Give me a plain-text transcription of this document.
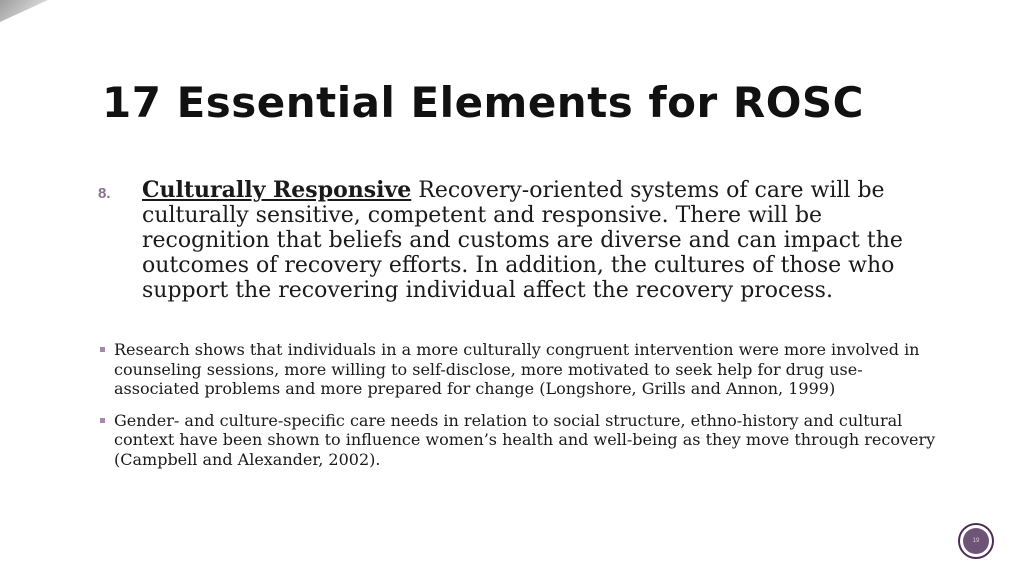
17 Essential Elements for ROSC
8. Culturally Responsive Recovery-oriented systems of care will be culturally sensitive, competent and responsive. There will be recognition that beliefs and customs are diverse and can impact the outcomes of recovery efforts. In addition, the cultures of those who support the recovering individual affect the recovery process.
Research shows that individuals in a more culturally congruent intervention were more involved in counseling sessions, more willing to self-disclose, more motivated to seek help for drug use-associated problems and more prepared for change (Longshore, Grills and Annon, 1999)
Gender- and culture-specific care needs in relation to social structure, ethno-history and cultural context have been shown to influence women’s health and well-being as they move through recovery (Campbell and Alexander, 2002).
19
